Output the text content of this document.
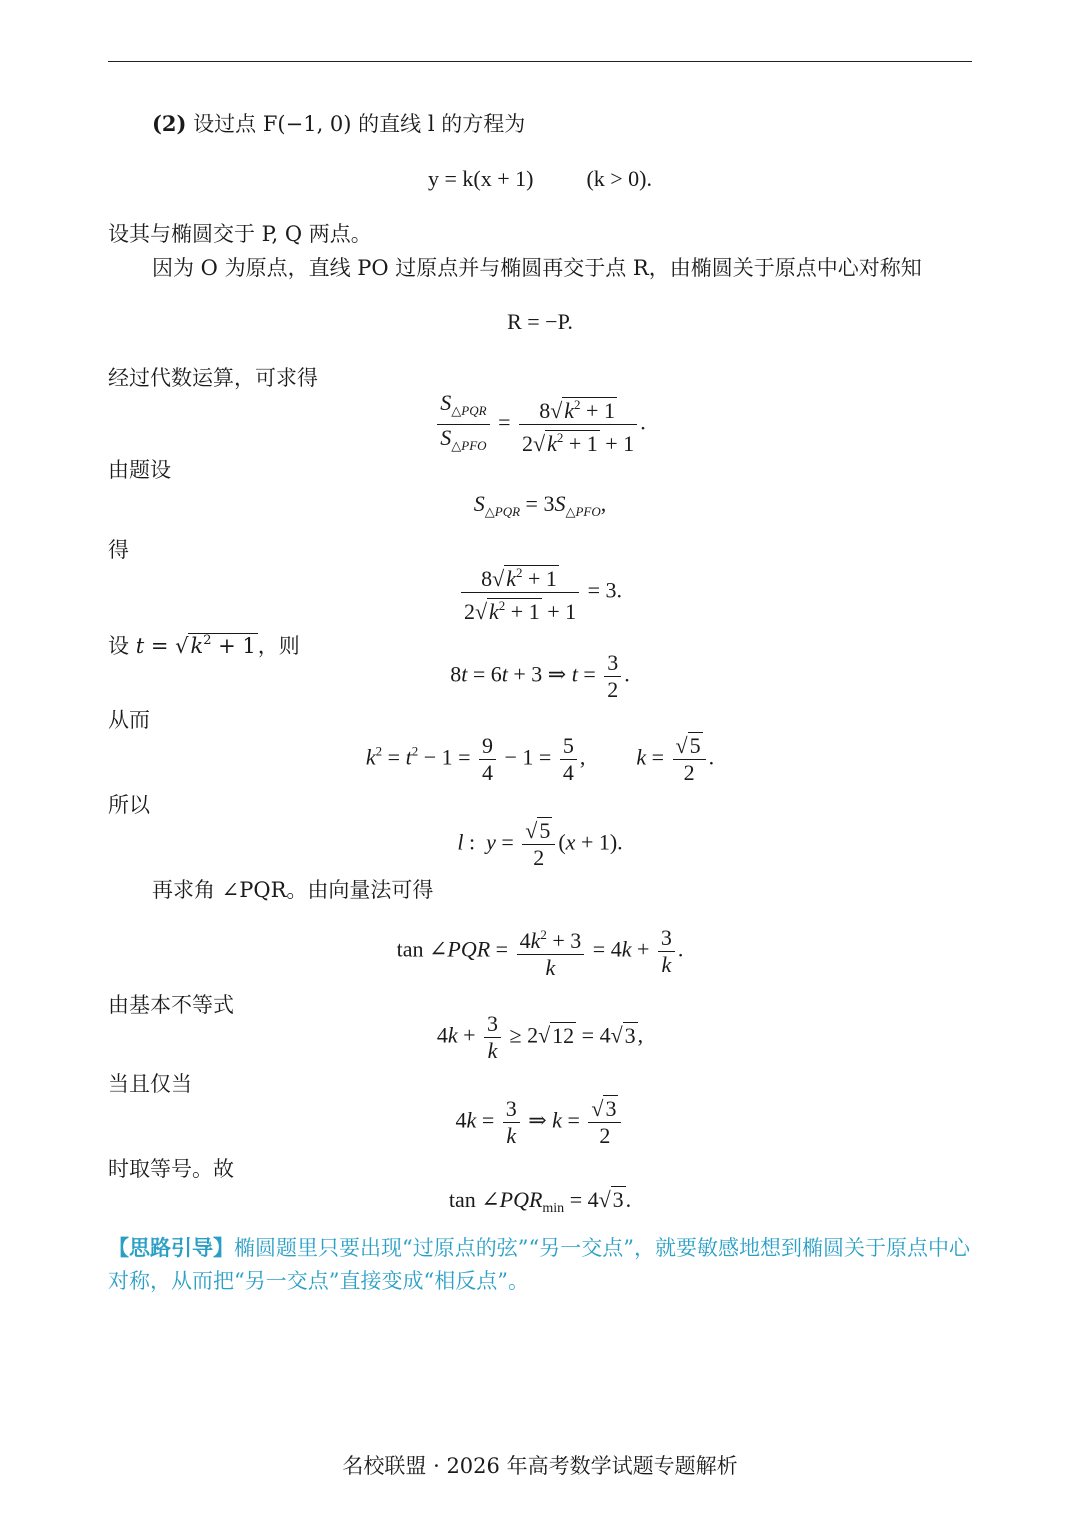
(2) 设过点 F(−1, 0) 的直线 l 的方程为
y = k(x + 1) (k > 0).
设其与椭圆交于 P, Q 两点。
因为 O 为原点，直线 PO 过原点并与椭圆再交于点 R，由椭圆关于原点中心对称知
R = −P.
经过代数运算，可求得
$\frac{S_{\triangle PQR}}{S_{\triangle PFO}} = \frac{8√k^2 + 1}{2√k^2 + 1 + 1}$ .
由题设
$S_{\triangle PQR} = 3S_{\triangle PFO}$,
得
$\frac{8√k^2 + 1}{2√k^2 + 1 + 1} = 3$.
设 $t = √k^2 + 1$，则
8t = 6t + 3 ⇒ $t = \frac{3}{2}$ .
从而
$k^2 = t^2 - 1 = \frac{9}{4} - 1 = \frac{5}{4}$ ,  $k = \frac{√5}{2}$ .
所以
l :  $y = \frac{√5}{2} (x + 1)$.
再求角 ∠PQR。由向量法可得
tan ∠PQR = $\frac{4k^2 + 3}{k} = 4k + \frac{3}{k}$ .
由基本不等式
$4k + \frac{3}{k} \ge 2√12 = 4√3$,
当且仅当
$4k = \frac{3}{k}$ ⇒ $k = \frac{√3}{2}$
时取等号。故
$\tan \angle PQR_{min} = 4√3$.
【思路引导】椭圆题里只要出现“过原点的弦”“另一交点”，就要敏感地想到椭圆关于原点中心对称，从而把“另一交点”直接变成“相反点”。
名校联盟 · 2026 年高考数学试题专题解析
